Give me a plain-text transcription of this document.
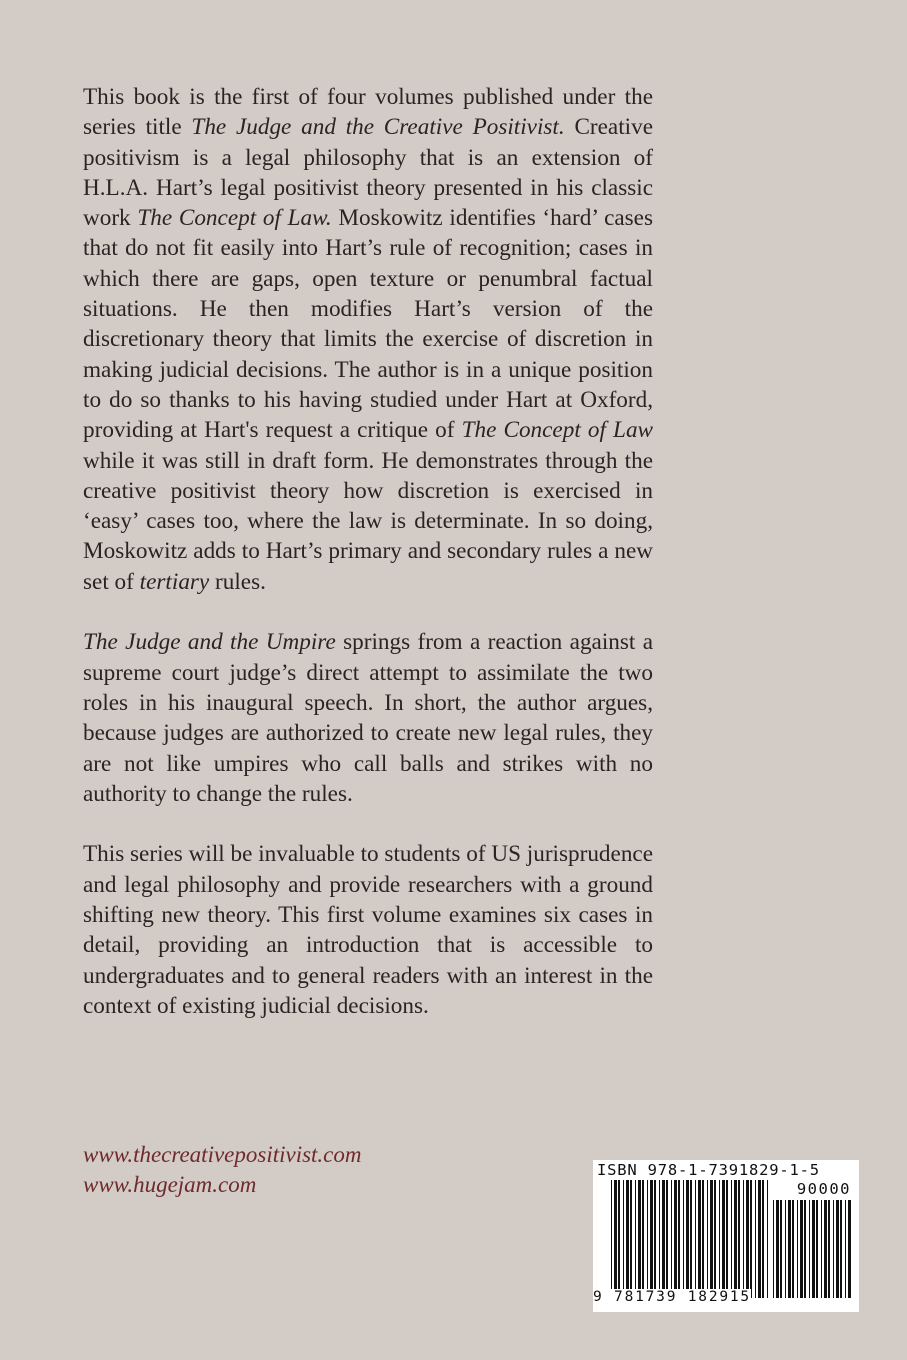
This book is the first of four volumes published under the series title The Judge and the Creative Positivist. Creative positivism is a legal philosophy that is an extension of H.L.A. Hart’s legal positivist theory presented in his classic work The Concept of Law. Moskowitz identifies ‘hard’ cases that do not fit easily into Hart’s rule of recognition; cases in which there are gaps, open texture or penumbral factual situations. He then modifies Hart’s version of the discretionary theory that limits the exercise of discretion in making judicial decisions. The author is in a unique position to do so thanks to his having studied under Hart at Oxford, providing at Hart's request a critique of The Concept of Law while it was still in draft form. He demonstrates through the creative positivist theory how discretion is exercised in ‘easy’ cases too, where the law is determinate. In so doing, Moskowitz adds to Hart’s primary and secondary rules a new set of tertiary rules.

The Judge and the Umpire springs from a reaction against a supreme court judge’s direct attempt to assimilate the two roles in his inaugural speech. In short, the author argues, because judges are authorized to create new legal rules, they are not like umpires who call balls and strikes with no authority to change the rules.

This series will be invaluable to students of US jurisprudence and legal philosophy and provide researchers with a ground shifting new theory. This first volume examines six cases in detail, providing an introduction that is accessible to undergraduates and to general readers with an interest in the context of existing judicial decisions.

www.thecreativepositivist.com
www.hugejam.com
ISBN 978-1-7391829-1-5
90000
9 781739 182915
